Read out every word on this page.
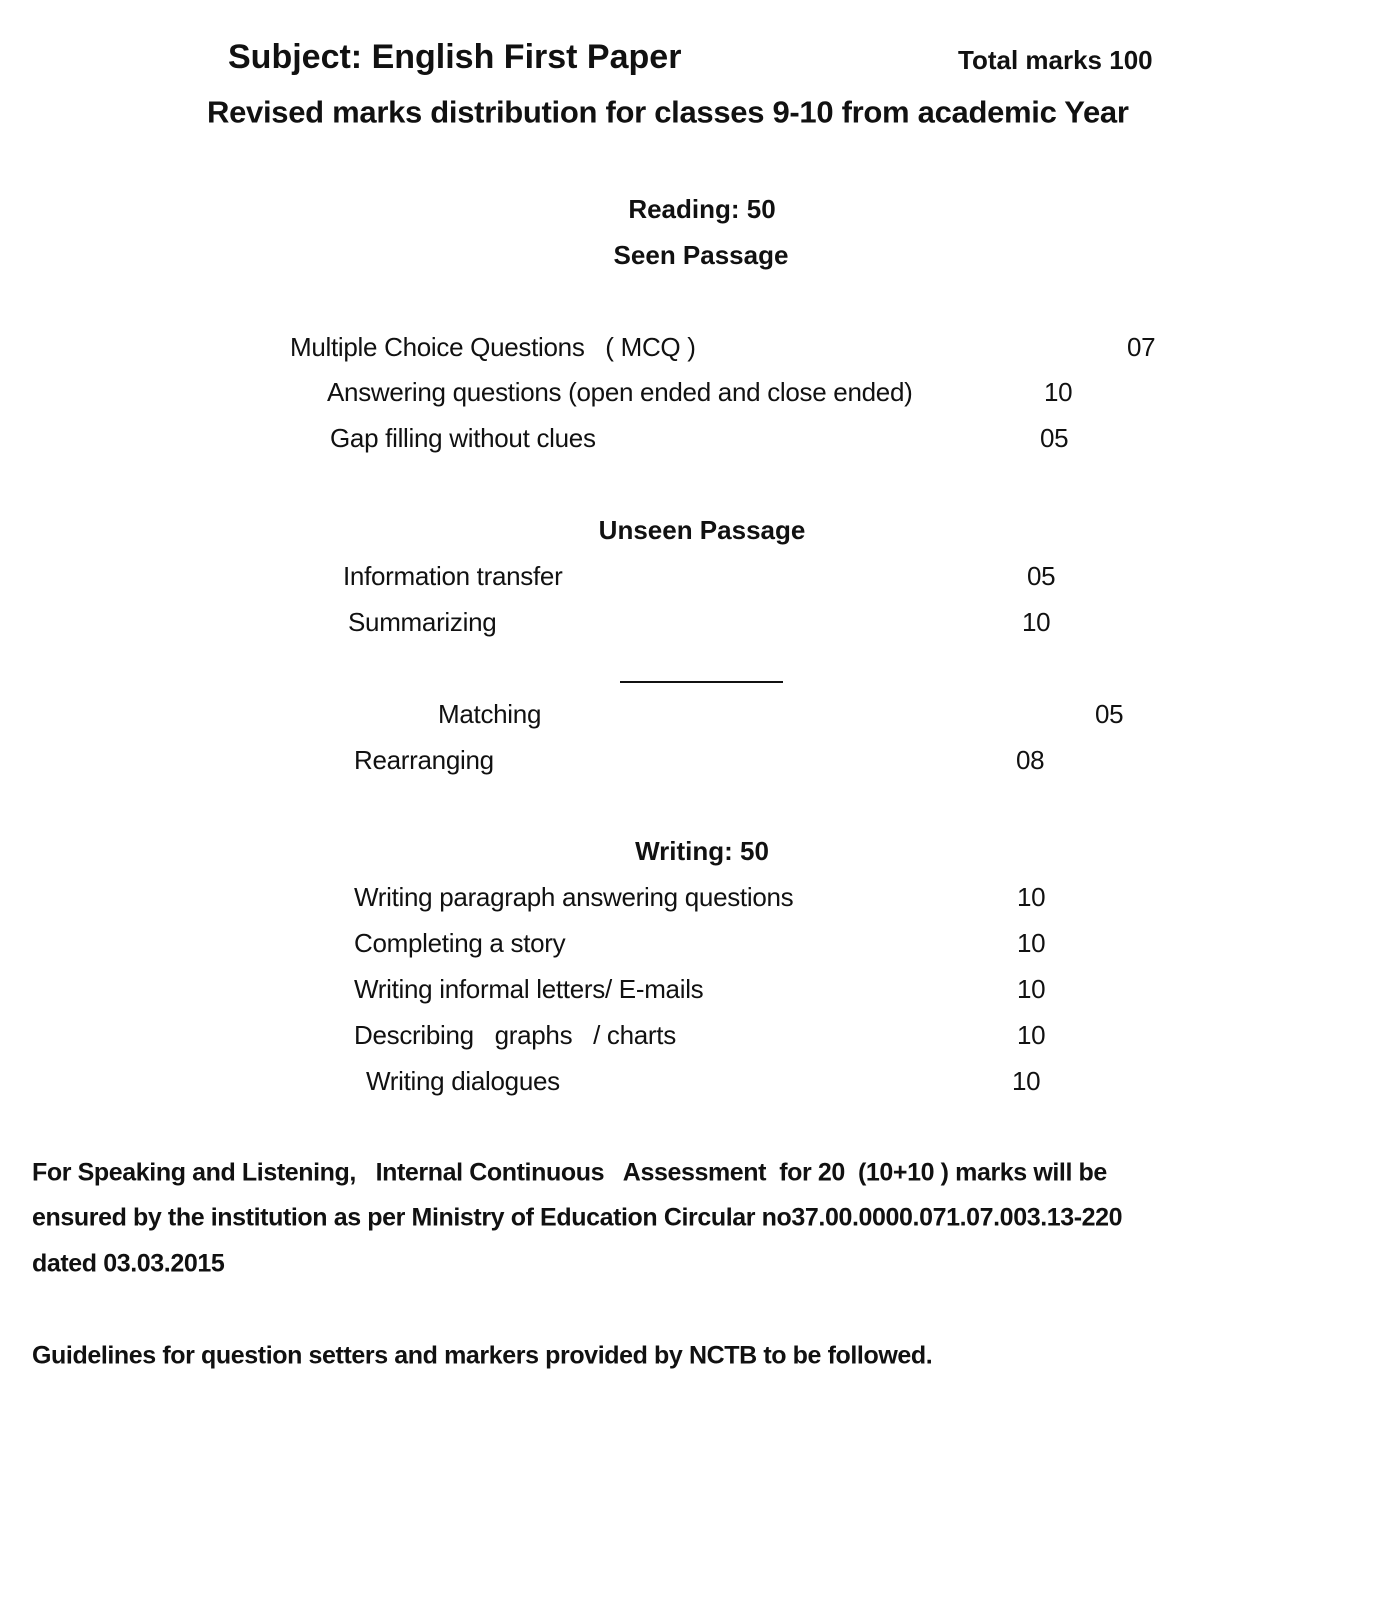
Subject: English First Paper	Total marks 100
Revised marks distribution for classes 9-10 from academic Year
Reading: 50
Seen Passage
Multiple Choice Questions   ( MCQ )	07
Answering questions (open ended and close ended)	10
Gap filling without clues	05
Unseen Passage
Information transfer	05
Summarizing	10
Matching	05
Rearranging	08
Writing: 50
Writing paragraph answering questions	10
Completing a story	10
Writing informal letters/ E-mails	10
Describing   graphs   / charts	10
Writing dialogues	10
For Speaking and Listening,   Internal Continuous   Assessment  for 20  (10+10 ) marks will be
ensured by the institution as per Ministry of Education Circular no37.00.0000.071.07.003.13-220
dated 03.03.2015
Guidelines for question setters and markers provided by NCTB to be followed.
